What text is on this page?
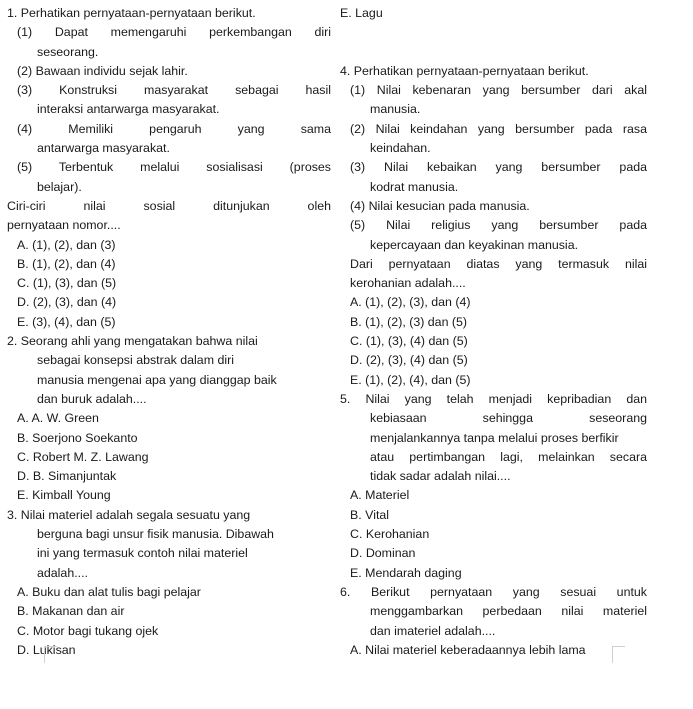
1. Perhatikan pernyataan-pernyataan berikut.
(1) Dapat memengaruhi perkembangan diri
seseorang.
(2) Bawaan individu sejak lahir.
(3) Konstruksi masyarakat sebagai hasil
interaksi antarwarga masyarakat.
(4) Memiliki pengaruh yang sama
antarwarga masyarakat.
(5) Terbentuk melalui sosialisasi (proses
belajar).
Ciri-ciri nilai sosial ditunjukan oleh
pernyataan nomor....
A. (1), (2), dan (3)
B. (1), (2), dan (4)
C. (1), (3), dan (5)
D. (2), (3), dan (4)
E. (3), (4), dan (5)
2. Seorang ahli yang mengatakan bahwa nilai
sebagai konsepsi abstrak dalam diri
manusia mengenai apa yang dianggap baik
dan buruk adalah....
A. A. W. Green
B. Soerjono Soekanto
C. Robert M. Z. Lawang
D. B. Simanjuntak
E. Kimball Young
3. Nilai materiel adalah segala sesuatu yang
berguna bagi unsur fisik manusia. Dibawah
ini yang termasuk contoh nilai materiel
adalah....
A. Buku dan alat tulis bagi pelajar
B. Makanan dan air
C. Motor bagi tukang ojek
D. Lukisan
E. Lagu
4. Perhatikan pernyataan-pernyataan berikut.
(1) Nilai kebenaran yang bersumber dari akal
manusia.
(2) Nilai keindahan yang bersumber pada rasa
keindahan.
(3) Nilai kebaikan yang bersumber pada
kodrat manusia.
(4) Nilai kesucian pada manusia.
(5) Nilai religius yang bersumber pada
kepercayaan dan keyakinan manusia.
Dari pernyataan diatas yang termasuk nilai
kerohanian adalah....
A. (1), (2), (3), dan (4)
B. (1), (2), (3) dan (5)
C. (1), (3), (4) dan (5)
D. (2), (3), (4) dan (5)
E. (1), (2), (4), dan (5)
5. Nilai yang telah menjadi kepribadian dan
kebiasaan sehingga seseorang
menjalankannya tanpa melalui proses berfikir
atau pertimbangan lagi, melainkan secara
tidak sadar adalah nilai....
A. Materiel
B. Vital
C. Kerohanian
D. Dominan
E. Mendarah daging
6. Berikut pernyataan yang sesuai untuk
menggambarkan perbedaan nilai materiel
dan imateriel adalah....
A. Nilai materiel keberadaannya lebih lama
